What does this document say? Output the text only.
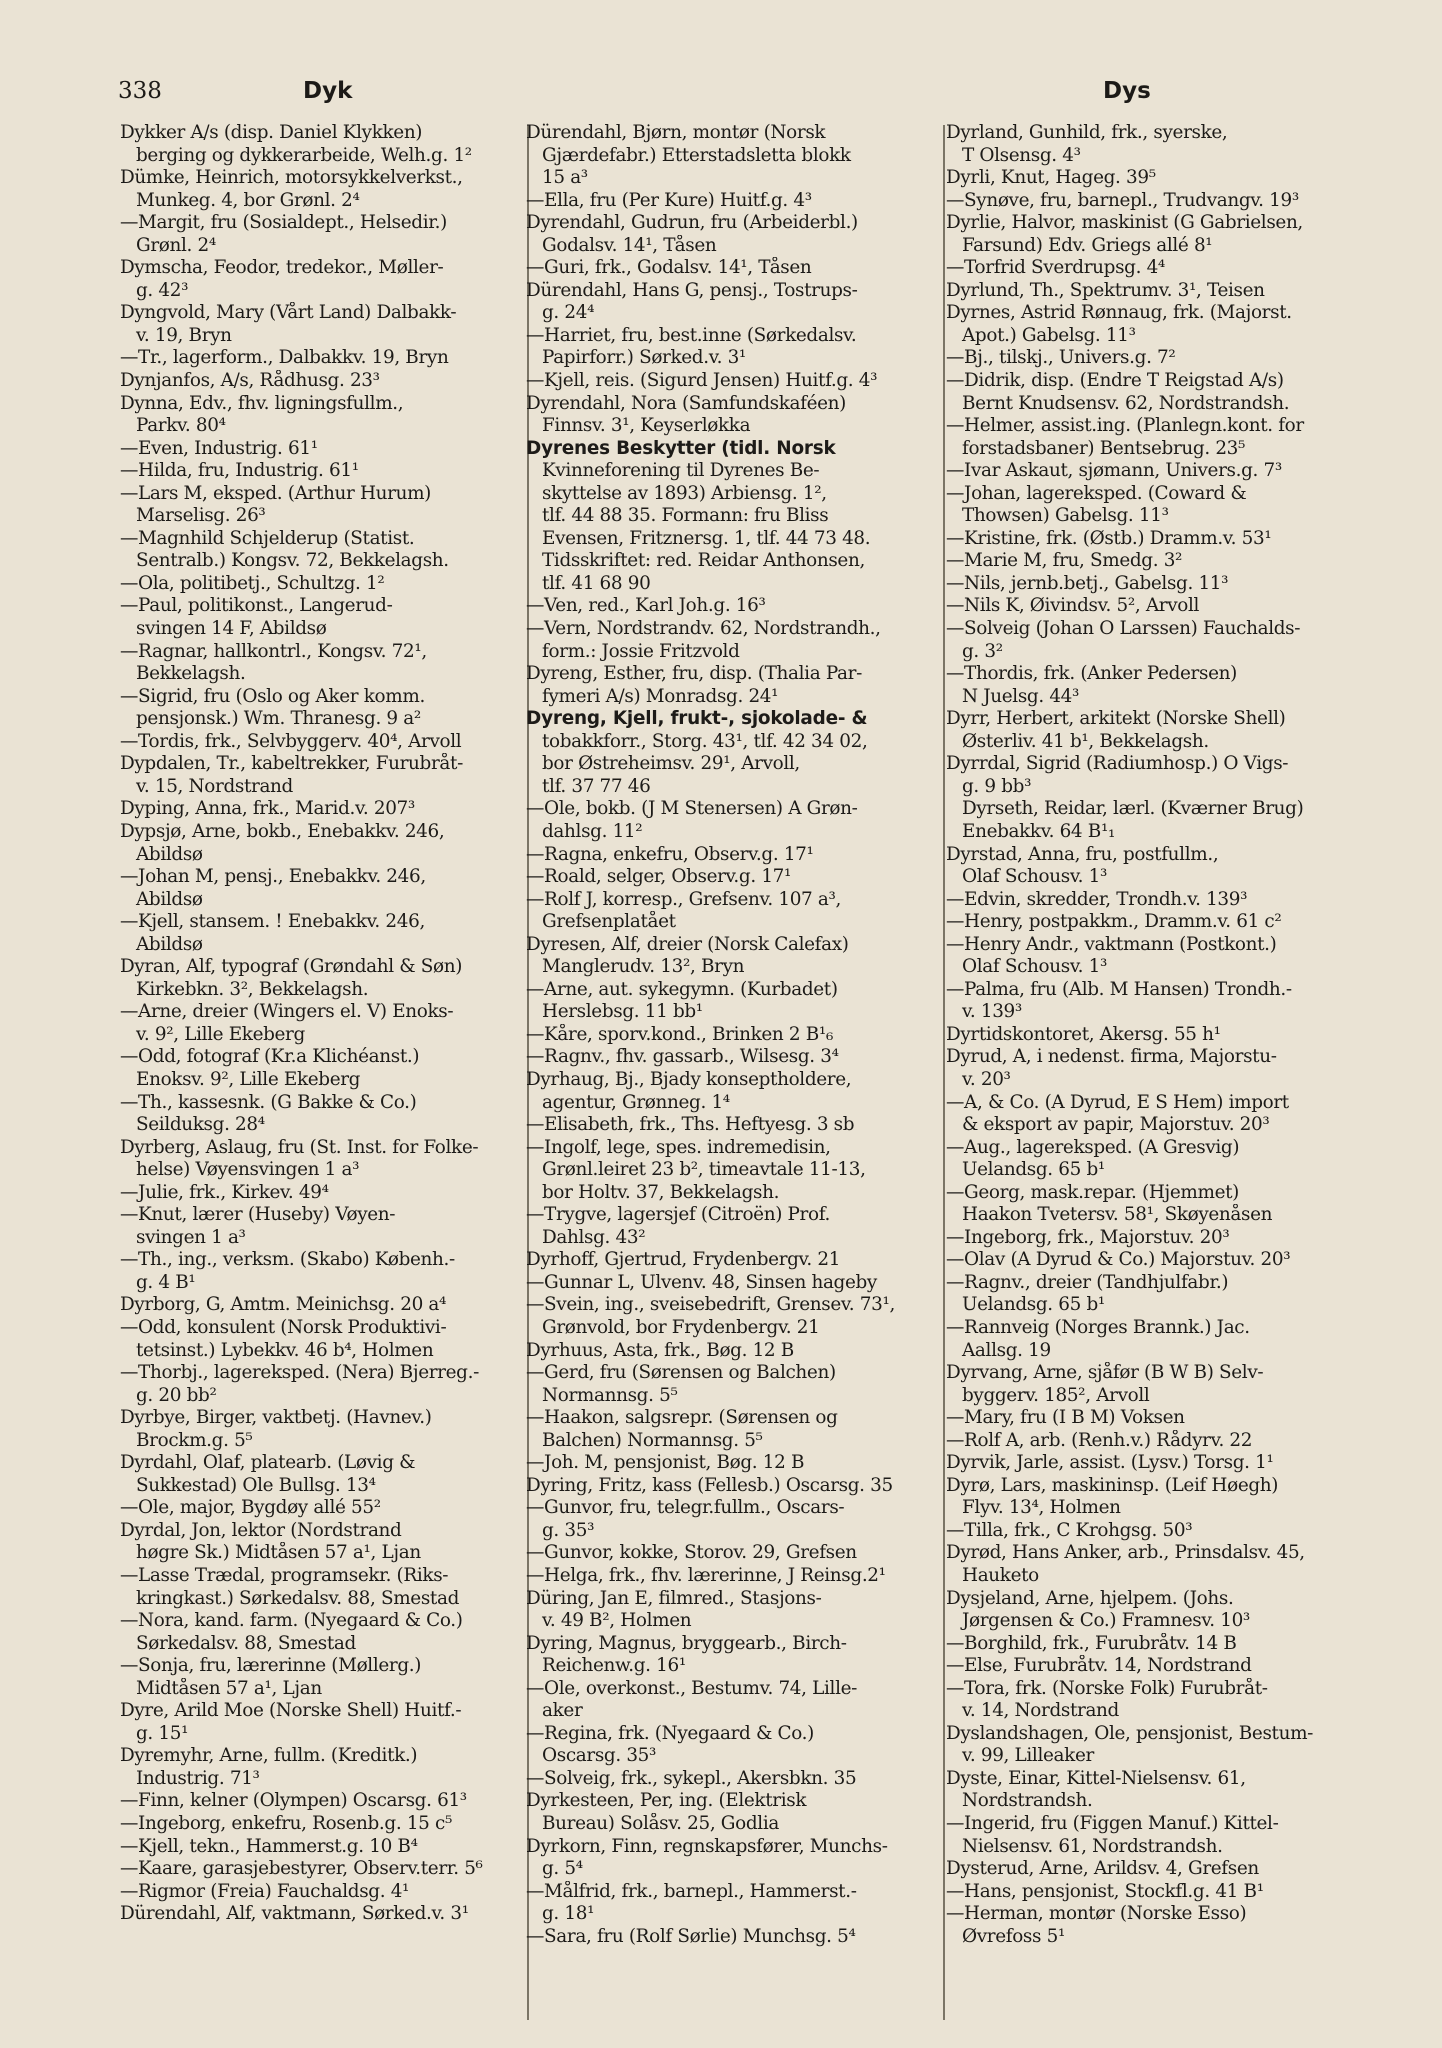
338	Dyk	Dys
Dykker A/s (disp. Daniel Klykken)
berging og dykkerarbeide, Welh.g. 1²
Dümke, Heinrich, motorsykkelverkst.,
Munkeg. 4, bor Grønl. 2⁴
—Margit, fru (Sosialdept., Helsedir.)
Grønl. 2⁴
Dymscha, Feodor, tredekor., Møller-
g. 42³
Dyngvold, Mary (Vårt Land) Dalbakk-
v. 19, Bryn
—Tr., lagerform., Dalbakkv. 19, Bryn
Dynjanfos, A/s, Rådhusg. 23³
Dynna, Edv., fhv. ligningsfullm.,
Parkv. 80⁴
—Even, Industrig. 61¹
—Hilda, fru, Industrig. 61¹
—Lars M, eksped. (Arthur Hurum)
Marselisg. 26³
—Magnhild Schjelderup (Statist.
Sentralb.) Kongsv. 72, Bekkelagsh.
—Ola, politibetj., Schultzg. 1²
—Paul, politikonst., Langerud-
svingen 14 F, Abildsø
—Ragnar, hallkontrl., Kongsv. 72¹,
Bekkelagsh.
—Sigrid, fru (Oslo og Aker komm.
pensjonsk.) Wm. Thranesg. 9 a²
—Tordis, frk., Selvbyggerv. 40⁴, Arvoll
Dypdalen, Tr., kabeltrekker, Furubråt-
v. 15, Nordstrand
Dyping, Anna, frk., Marid.v. 207³
Dypsjø, Arne, bokb., Enebakkv. 246,
Abildsø
—Johan M, pensj., Enebakkv. 246,
Abildsø
—Kjell, stansem. ! Enebakkv. 246,
Abildsø
Dyran, Alf, typograf (Grøndahl & Søn)
Kirkebkn. 3², Bekkelagsh.
—Arne, dreier (Wingers el. V) Enoks-
v. 9², Lille Ekeberg
—Odd, fotograf (Kr.a Klichéanst.)
Enoksv. 9², Lille Ekeberg
—Th., kassesnk. (G Bakke & Co.)
Seilduksg. 28⁴
Dyrberg, Aslaug, fru (St. Inst. for Folke-
helse) Vøyensvingen 1 a³
—Julie, frk., Kirkev. 49⁴
—Knut, lærer (Huseby) Vøyen-
svingen 1 a³
—Th., ing., verksm. (Skabo) Københ.-
g. 4 B¹
Dyrborg, G, Amtm. Meinichsg. 20 a⁴
—Odd, konsulent (Norsk Produktivi-
tetsinst.) Lybekkv. 46 b⁴, Holmen
—Thorbj., lagereksped. (Nera) Bjerreg.-
g. 20 bb²
Dyrbye, Birger, vaktbetj. (Havnev.)
Brockm.g. 5⁵
Dyrdahl, Olaf, platearb. (Løvig &
Sukkestad) Ole Bullsg. 13⁴
—Ole, major, Bygdøy allé 55²
Dyrdal, Jon, lektor (Nordstrand
høgre Sk.) Midtåsen 57 a¹, Ljan
—Lasse Trædal, programsekr. (Riks-
kringkast.) Sørkedalsv. 88, Smestad
—Nora, kand. farm. (Nyegaard & Co.)
Sørkedalsv. 88, Smestad
—Sonja, fru, lærerinne (Møllerg.)
Midtåsen 57 a¹, Ljan
Dyre, Arild Moe (Norske Shell) Huitf.-
g. 15¹
Dyremyhr, Arne, fullm. (Kreditk.)
Industrig. 71³
—Finn, kelner (Olympen) Oscarsg. 61³
—Ingeborg, enkefru, Rosenb.g. 15 c⁵
—Kjell, tekn., Hammerst.g. 10 B⁴
—Kaare, garasjebestyrer, Observ.terr. 5⁶
—Rigmor (Freia) Fauchaldsg. 4¹
Dürendahl, Alf, vaktmann, Sørked.v. 3¹
Dürendahl, Bjørn, montør (Norsk
Gjærdefabr.) Etterstadsletta blokk
15 a³
—Ella, fru (Per Kure) Huitf.g. 4³
Dyrendahl, Gudrun, fru (Arbeiderbl.)
Godalsv. 14¹, Tåsen
—Guri, frk., Godalsv. 14¹, Tåsen
Dürendahl, Hans G, pensj., Tostrups-
g. 24⁴
—Harriet, fru, best.inne (Sørkedalsv.
Papirforr.) Sørked.v. 3¹
—Kjell, reis. (Sigurd Jensen) Huitf.g. 4³
Dyrendahl, Nora (Samfundskaféen)
Finnsv. 3¹, Keyserløkka
Dyrenes Beskytter (tidl. Norsk
Kvinneforening til Dyrenes Be-
skyttelse av 1893) Arbiensg. 1²,
tlf. 44 88 35. Formann: fru Bliss
Evensen, Fritznersg. 1, tlf. 44 73 48.
Tidsskriftet: red. Reidar Anthonsen,
tlf. 41 68 90
—Ven, red., Karl Joh.g. 16³
—Vern, Nordstrandv. 62, Nordstrandh.,
form.: Jossie Fritzvold
Dyreng, Esther, fru, disp. (Thalia Par-
fymeri A/s) Monradsg. 24¹
Dyreng, Kjell, frukt-, sjokolade- &
tobakkforr., Storg. 43¹, tlf. 42 34 02,
bor Østreheimsv. 29¹, Arvoll,
tlf. 37 77 46
—Ole, bokb. (J M Stenersen) A Grøn-
dahlsg. 11²
—Ragna, enkefru, Observ.g. 17¹
—Roald, selger, Observ.g. 17¹
—Rolf J, korresp., Grefsenv. 107 a³,
Grefsenplatået
Dyresen, Alf, dreier (Norsk Calefax)
Manglerudv. 13², Bryn
—Arne, aut. sykegymn. (Kurbadet)
Herslebsg. 11 bb¹
—Kåre, sporv.kond., Brinken 2 B¹₆
—Ragnv., fhv. gassarb., Wilsesg. 3⁴
Dyrhaug, Bj., Bjady konseptholdere,
agentur, Grønneg. 1⁴
—Elisabeth, frk., Ths. Heftyesg. 3 sb
—Ingolf, lege, spes. indremedisin,
Grønl.leiret 23 b², timeavtale 11-13,
bor Holtv. 37, Bekkelagsh.
—Trygve, lagersjef (Citroën) Prof.
Dahlsg. 43²
Dyrhoff, Gjertrud, Frydenbergv. 21
—Gunnar L, Ulvenv. 48, Sinsen hageby
—Svein, ing., sveisebedrift, Grensev. 73¹,
Grønvold, bor Frydenbergv. 21
Dyrhuus, Asta, frk., Bøg. 12 B
—Gerd, fru (Sørensen og Balchen)
Normannsg. 5⁵
—Haakon, salgsrepr. (Sørensen og
Balchen) Normannsg. 5⁵
—Joh. M, pensjonist, Bøg. 12 B
Dyring, Fritz, kass (Fellesb.) Oscarsg. 35
—Gunvor, fru, telegr.fullm., Oscars-
g. 35³
—Gunvor, kokke, Storov. 29, Grefsen
—Helga, frk., fhv. lærerinne, J Reinsg.2¹
Düring, Jan E, filmred., Stasjons-
v. 49 B², Holmen
Dyring, Magnus, bryggearb., Birch-
Reichenw.g. 16¹
—Ole, overkonst., Bestumv. 74, Lille-
aker
—Regina, frk. (Nyegaard & Co.)
Oscarsg. 35³
—Solveig, frk., sykepl., Akersbkn. 35
Dyrkesteen, Per, ing. (Elektrisk
Bureau) Solåsv. 25, Godlia
Dyrkorn, Finn, regnskapsfører, Munchs-
g. 5⁴
—Målfrid, frk., barnepl., Hammerst.-
g. 18¹
—Sara, fru (Rolf Sørlie) Munchsg. 5⁴
Dyrland, Gunhild, frk., syerske,
T Olsensg. 4³
Dyrli, Knut, Hageg. 39⁵
—Synøve, fru, barnepl., Trudvangv. 19³
Dyrlie, Halvor, maskinist (G Gabrielsen,
Farsund) Edv. Griegs allé 8¹
—Torfrid Sverdrupsg. 4⁴
Dyrlund, Th., Spektrumv. 3¹, Teisen
Dyrnes, Astrid Rønnaug, frk. (Majorst.
Apot.) Gabelsg. 11³
—Bj., tilskj., Univers.g. 7²
—Didrik, disp. (Endre T Reigstad A/s)
Bernt Knudsensv. 62, Nordstrandsh.
—Helmer, assist.ing. (Planlegn.kont. for
forstadsbaner) Bentsebrug. 23⁵
—Ivar Askaut, sjømann, Univers.g. 7³
—Johan, lagereksped. (Coward &
Thowsen) Gabelsg. 11³
—Kristine, frk. (Østb.) Dramm.v. 53¹
—Marie M, fru, Smedg. 3²
—Nils, jernb.betj., Gabelsg. 11³
—Nils K, Øivindsv. 5², Arvoll
—Solveig (Johan O Larssen) Fauchalds-
g. 3²
—Thordis, frk. (Anker Pedersen)
N Juelsg. 44³
Dyrr, Herbert, arkitekt (Norske Shell)
Østerliv. 41 b¹, Bekkelagsh.
Dyrrdal, Sigrid (Radiumhosp.) O Vigs-
g. 9 bb³
Dyrseth, Reidar, lærl. (Kværner Brug)
Enebakkv. 64 B¹₁
Dyrstad, Anna, fru, postfullm.,
Olaf Schousv. 1³
—Edvin, skredder, Trondh.v. 139³
—Henry, postpakkm., Dramm.v. 61 c²
—Henry Andr., vaktmann (Postkont.)
Olaf Schousv. 1³
—Palma, fru (Alb. M Hansen) Trondh.-
v. 139³
Dyrtidskontoret, Akersg. 55 h¹
Dyrud, A, i nedenst. firma, Majorstu-
v. 20³
—A, & Co. (A Dyrud, E S Hem) import
& eksport av papir, Majorstuv. 20³
—Aug., lagereksped. (A Gresvig)
Uelandsg. 65 b¹
—Georg, mask.repar. (Hjemmet)
Haakon Tvetersv. 58¹, Skøyenåsen
—Ingeborg, frk., Majorstuv. 20³
—Olav (A Dyrud & Co.) Majorstuv. 20³
—Ragnv., dreier (Tandhjulfabr.)
Uelandsg. 65 b¹
—Rannveig (Norges Brannk.) Jac.
Aallsg. 19
Dyrvang, Arne, sjåfør (B W B) Selv-
byggerv. 185², Arvoll
—Mary, fru (I B M) Voksen
—Rolf A, arb. (Renh.v.) Rådyrv. 22
Dyrvik, Jarle, assist. (Lysv.) Torsg. 1¹
Dyrø, Lars, maskininsp. (Leif Høegh)
Flyv. 13⁴, Holmen
—Tilla, frk., C Krohgsg. 50³
Dyrød, Hans Anker, arb., Prinsdalsv. 45,
Hauketo
Dysjeland, Arne, hjelpem. (Johs.
Jørgensen & Co.) Framnesv. 10³
—Borghild, frk., Furubråtv. 14 B
—Else, Furubråtv. 14, Nordstrand
—Tora, frk. (Norske Folk) Furubråt-
v. 14, Nordstrand
Dyslandshagen, Ole, pensjonist, Bestum-
v. 99, Lilleaker
Dyste, Einar, Kittel-Nielsensv. 61,
Nordstrandsh.
—Ingerid, fru (Figgen Manuf.) Kittel-
Nielsensv. 61, Nordstrandsh.
Dysterud, Arne, Arildsv. 4, Grefsen
—Hans, pensjonist, Stockfl.g. 41 B¹
—Herman, montør (Norske Esso)
Øvrefoss 5¹
